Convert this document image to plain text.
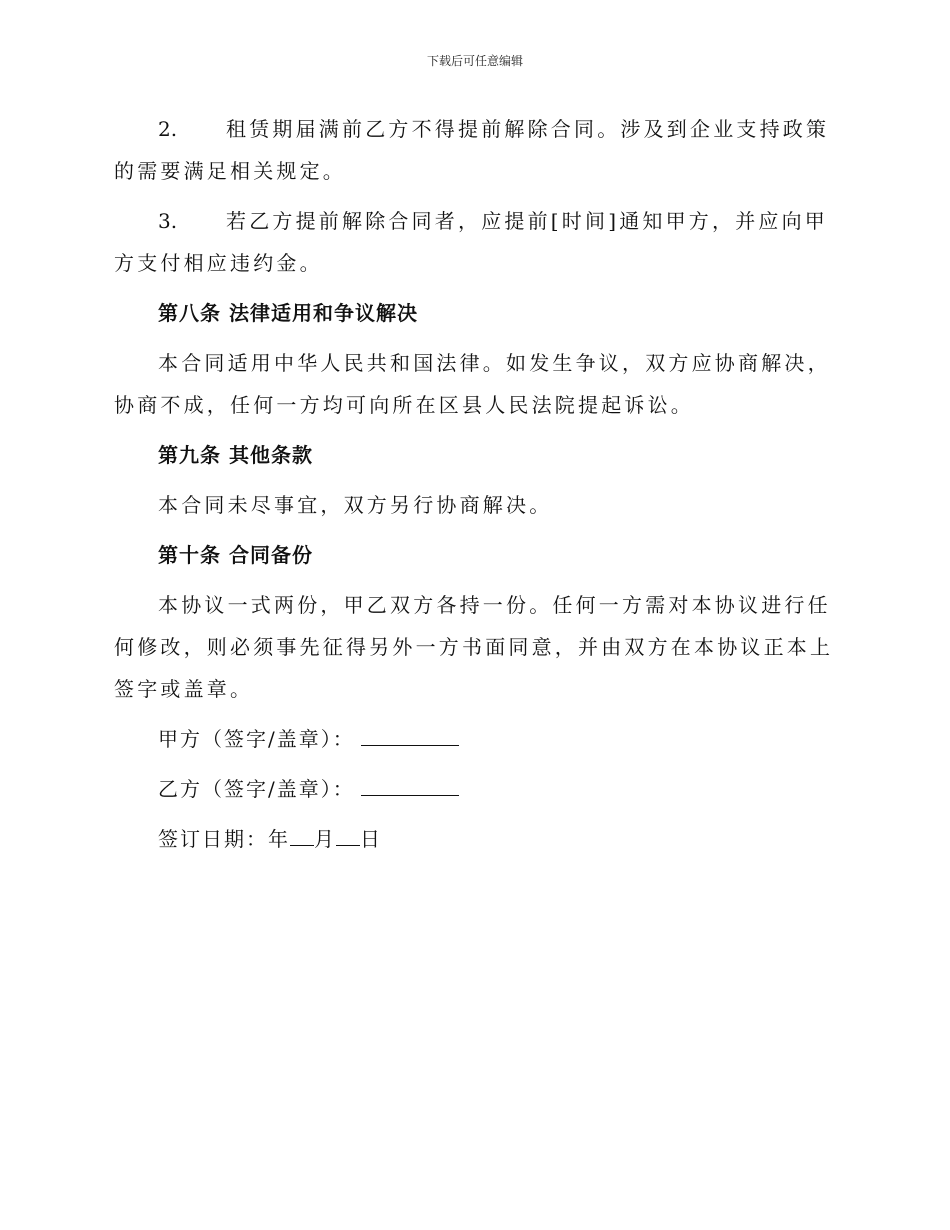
下载后可任意编辑

2. 租赁期届满前乙方不得提前解除合同。涉及到企业支持政策的需要满足相关规定。

3. 若乙方提前解除合同者，应提前[时间]通知甲方，并应向甲方支付相应违约金。

第八条 法律适用和争议解决

本合同适用中华人民共和国法律。如发生争议，双方应协商解决，协商不成，任何一方均可向所在区县人民法院提起诉讼。

第九条 其他条款

本合同未尽事宜，双方另行协商解决。

第十条 合同备份

本协议一式两份，甲乙双方各持一份。任何一方需对本协议进行任何修改，则必须事先征得另外一方书面同意，并由双方在本协议正本上签字或盖章。

甲方（签字/盖章）：

乙方（签字/盖章）：

签订日期：年 月 日
